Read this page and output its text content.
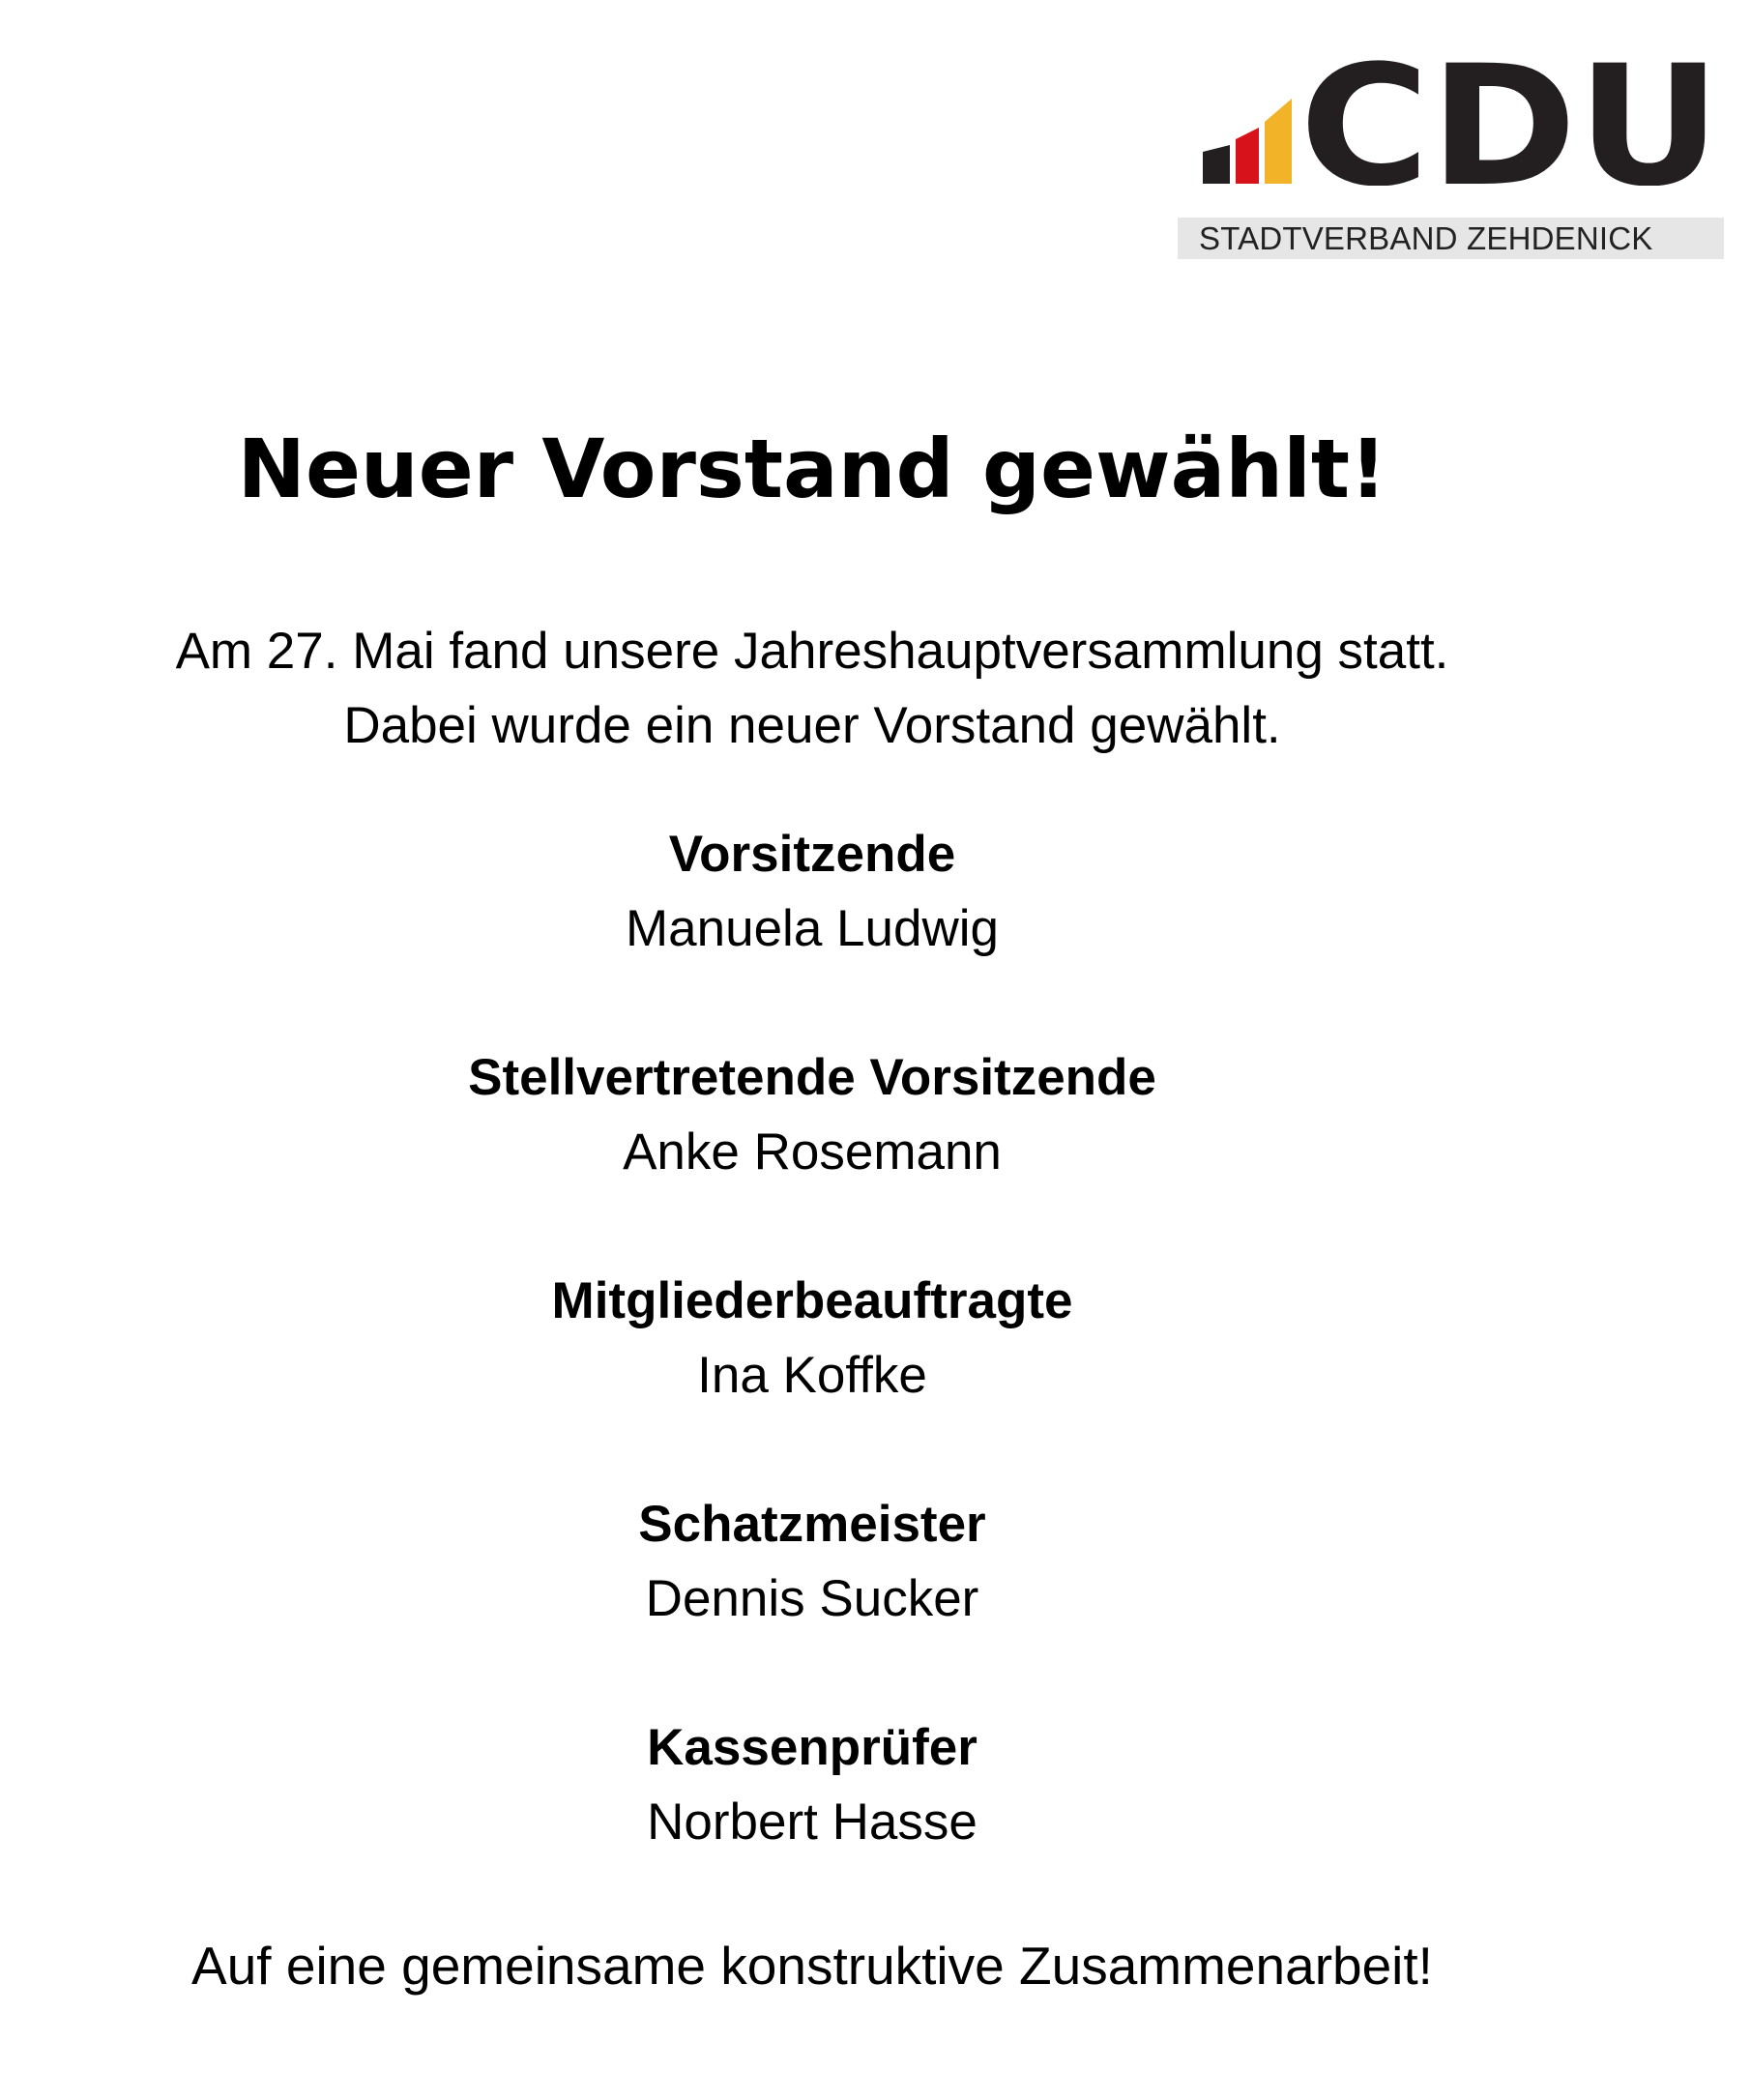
CDU
STADTVERBAND ZEHDENICK
Neuer Vorstand gewählt!

Am 27. Mai fand unsere Jahreshauptversammlung statt.
Dabei wurde ein neuer Vorstand gewählt.

Vorsitzende
Manuela Ludwig
Stellvertretende Vorsitzende
Anke Rosemann
Mitgliederbeauftragte
Ina Koffke
Schatzmeister
Dennis Sucker
Kassenprüfer
Norbert Hasse

Auf eine gemeinsame konstruktive Zusammenarbeit!
